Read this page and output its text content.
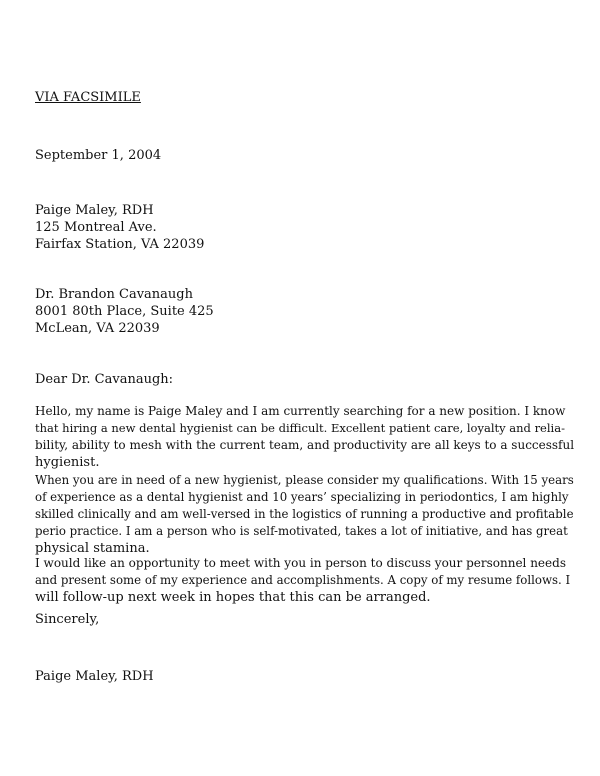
VIA FACSIMILE
September 1, 2004
Paige Maley, RDH
125 Montreal Ave.
Fairfax Station, VA 22039
Dr. Brandon Cavanaugh
8001 80th Place, Suite 425
McLean, VA 22039
Dear Dr. Cavanaugh:
Hello, my name is Paige Maley and I am currently searching for a new position. I know
that hiring a new dental hygienist can be difficult. Excellent patient care, loyalty and relia-
bility, ability to mesh with the current team, and productivity are all keys to a successful
hygienist.
When you are in need of a new hygienist, please consider my qualifications. With 15 years
of experience as a dental hygienist and 10 years’ specializing in periodontics, I am highly
skilled clinically and am well-versed in the logistics of running a productive and profitable
perio practice. I am a person who is self-motivated, takes a lot of initiative, and has great
physical stamina.
I would like an opportunity to meet with you in person to discuss your personnel needs
and present some of my experience and accomplishments. A copy of my resume follows. I
will follow-up next week in hopes that this can be arranged.
Sincerely,
Paige Maley, RDH
